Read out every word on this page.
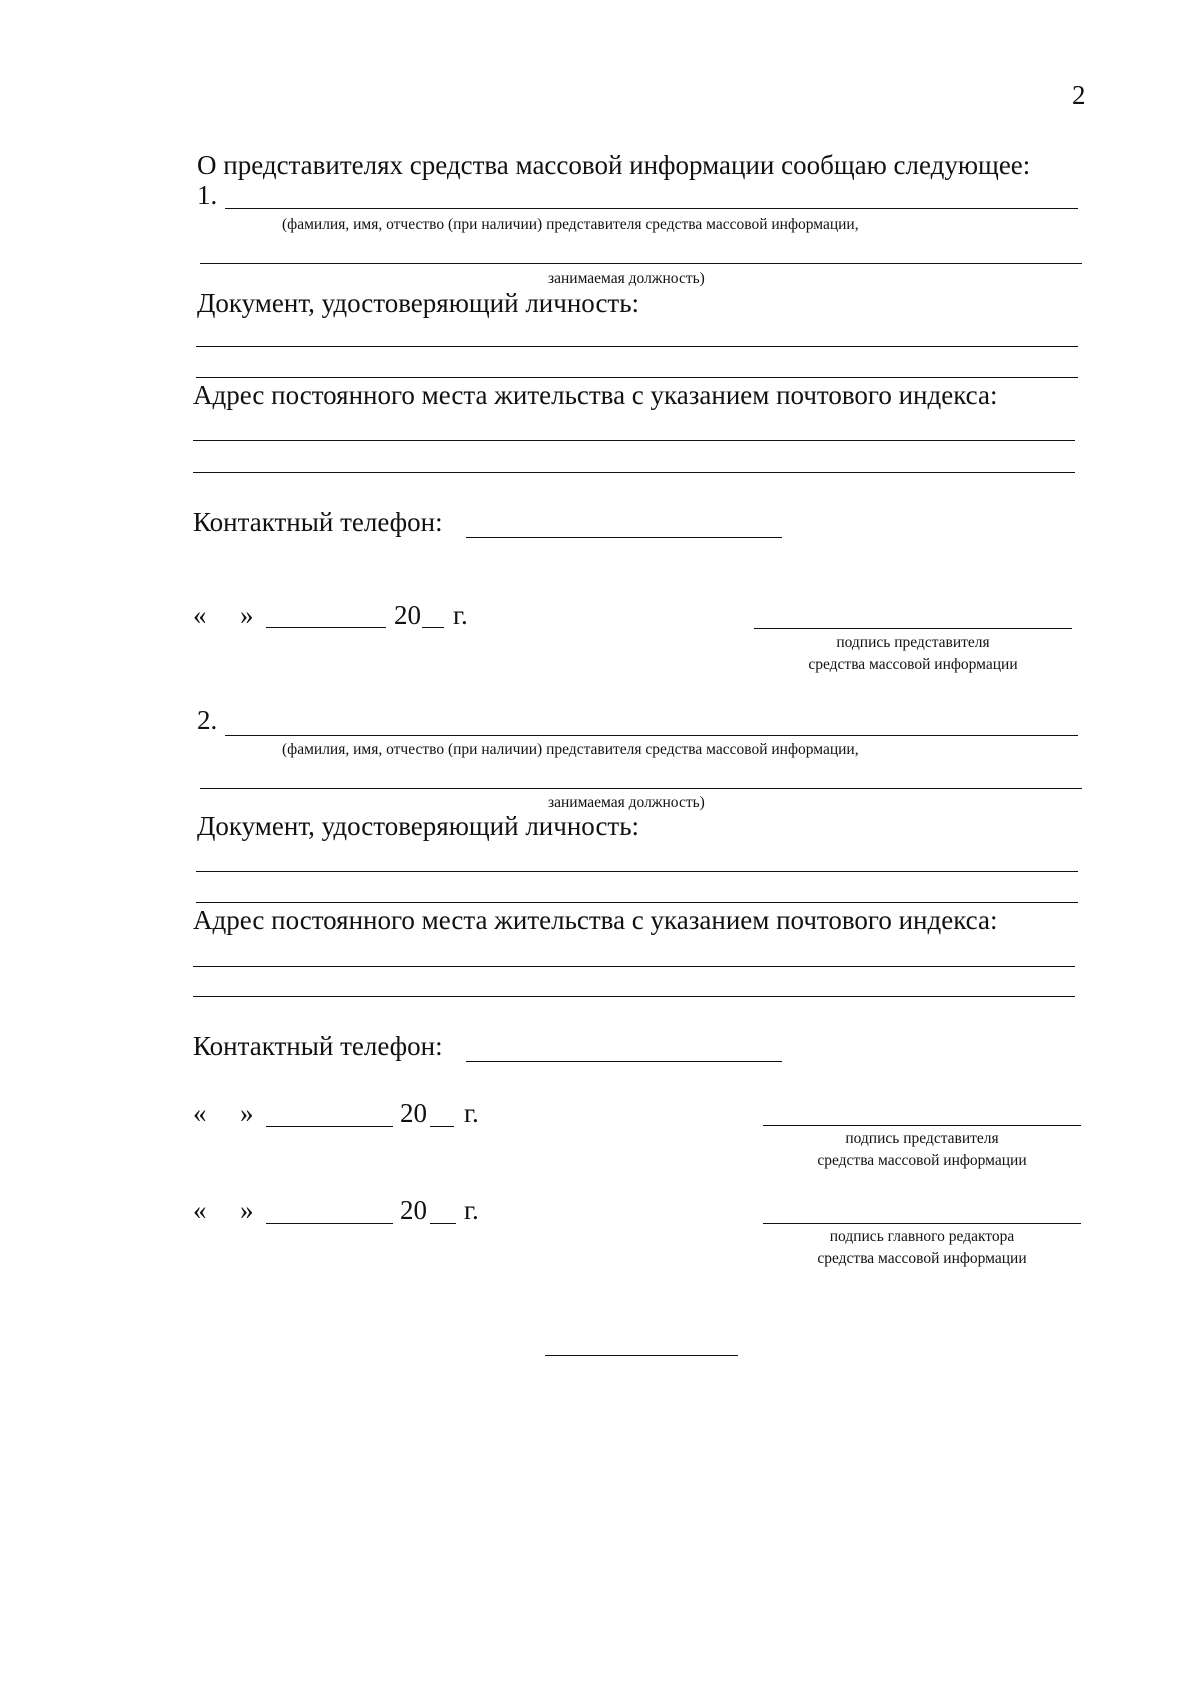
2
О представителях средства массовой информации сообщаю следующее:
1.
(фамилия, имя, отчество (при наличии) представителя средства массовой информации,
занимаемая должность)
Документ, удостоверяющий личность:
Адрес постоянного места жительства с указанием почтового индекса:
Контактный телефон:
« »	20 г.
подпись представителя
средства массовой информации
2.
(фамилия, имя, отчество (при наличии) представителя средства массовой информации,
занимаемая должность)
Документ, удостоверяющий личность:
Адрес постоянного места жительства с указанием почтового индекса:
Контактный телефон:
« »	20 г.
подпись представителя
средства массовой информации
« »	20 г.
подпись главного редактора
средства массовой информации
